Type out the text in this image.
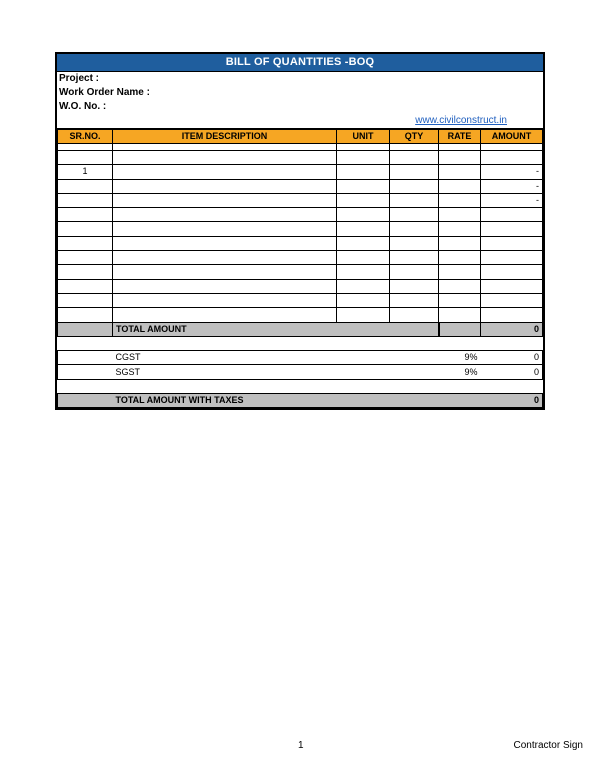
BILL OF QUANTITIES -BOQ
Project :
Work Order Name :
W.O. No. :
www.civilconstruct.in
SR.NO.	ITEM DESCRIPTION	UNIT	QTY	RATE	AMOUNT

1					-
					-
					-

	TOTAL AMOUNT				0

	CGST			9%	0
	SGST			9%	0

	TOTAL AMOUNT WITH TAXES				0
1	Contractor Sign
